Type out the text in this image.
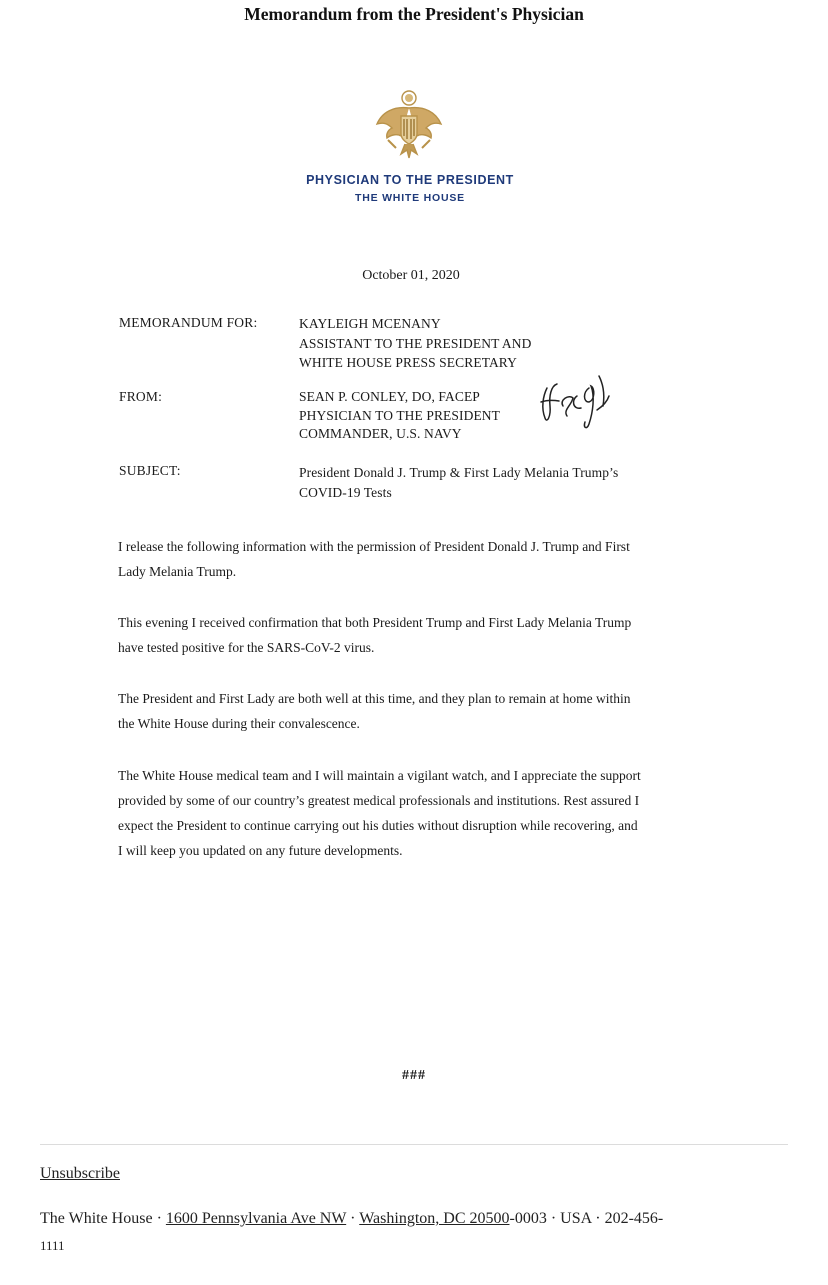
Memorandum from the President's Physician
PHYSICIAN TO THE PRESIDENT
THE WHITE HOUSE
October 01, 2020
MEMORANDUM FOR:	KAYLEIGH MCENANY
ASSISTANT TO THE PRESIDENT AND
WHITE HOUSE PRESS SECRETARY
FROM:	SEAN P. CONLEY, DO, FACEP
PHYSICIAN TO THE PRESIDENT
COMMANDER, U.S. NAVY
SUBJECT:	President Donald J. Trump & First Lady Melania Trump’s
COVID-19 Tests
I release the following information with the permission of President Donald J. Trump and First
Lady Melania Trump.
This evening I received confirmation that both President Trump and First Lady Melania Trump
have tested positive for the SARS-CoV-2 virus.
The President and First Lady are both well at this time, and they plan to remain at home within
the White House during their convalescence.
The White House medical team and I will maintain a vigilant watch, and I appreciate the support
provided by some of our country’s greatest medical professionals and institutions. Rest assured I
expect the President to continue carrying out his duties without disruption while recovering, and
I will keep you updated on any future developments.
###
Unsubscribe
The White House · 1600 Pennsylvania Ave NW · Washington, DC 20500-0003 · USA · 202-456-
1111
